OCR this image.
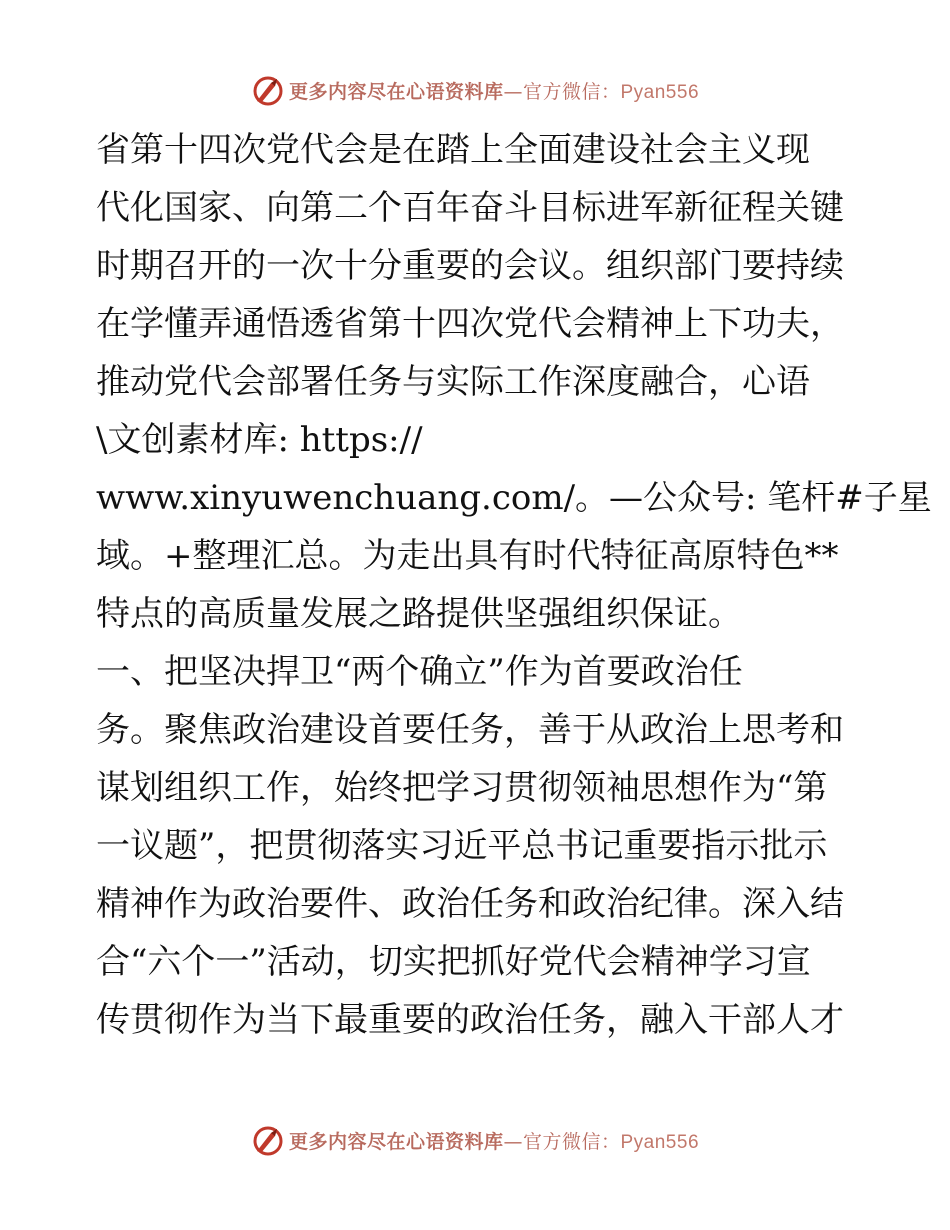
更多内容尽在心语资料库—官方微信：Pyan556
省第十四次党代会是在踏上全面建设社会主义现
代化国家、向第二个百年奋斗目标进军新征程关键
时期召开的一次十分重要的会议。组织部门要持续
在学懂弄通悟透省第十四次党代会精神上下功夫，
推动党代会部署任务与实际工作深度融合，心语
\文创素材库: https://
www.xinyuwenchuang.com/。—公众号: 笔杆#子星
域。+整理汇总。为走出具有时代特征高原特色**
特点的高质量发展之路提供坚强组织保证。
一、把坚决捍卫“两个确立”作为首要政治任
务。聚焦政治建设首要任务，善于从政治上思考和
谋划组织工作，始终把学习贯彻领袖思想作为“第
一议题”，把贯彻落实习近平总书记重要指示批示
精神作为政治要件、政治任务和政治纪律。深入结
合“六个一”活动，切实把抓好党代会精神学习宣
传贯彻作为当下最重要的政治任务，融入干部人才
更多内容尽在心语资料库—官方微信：Pyan556
